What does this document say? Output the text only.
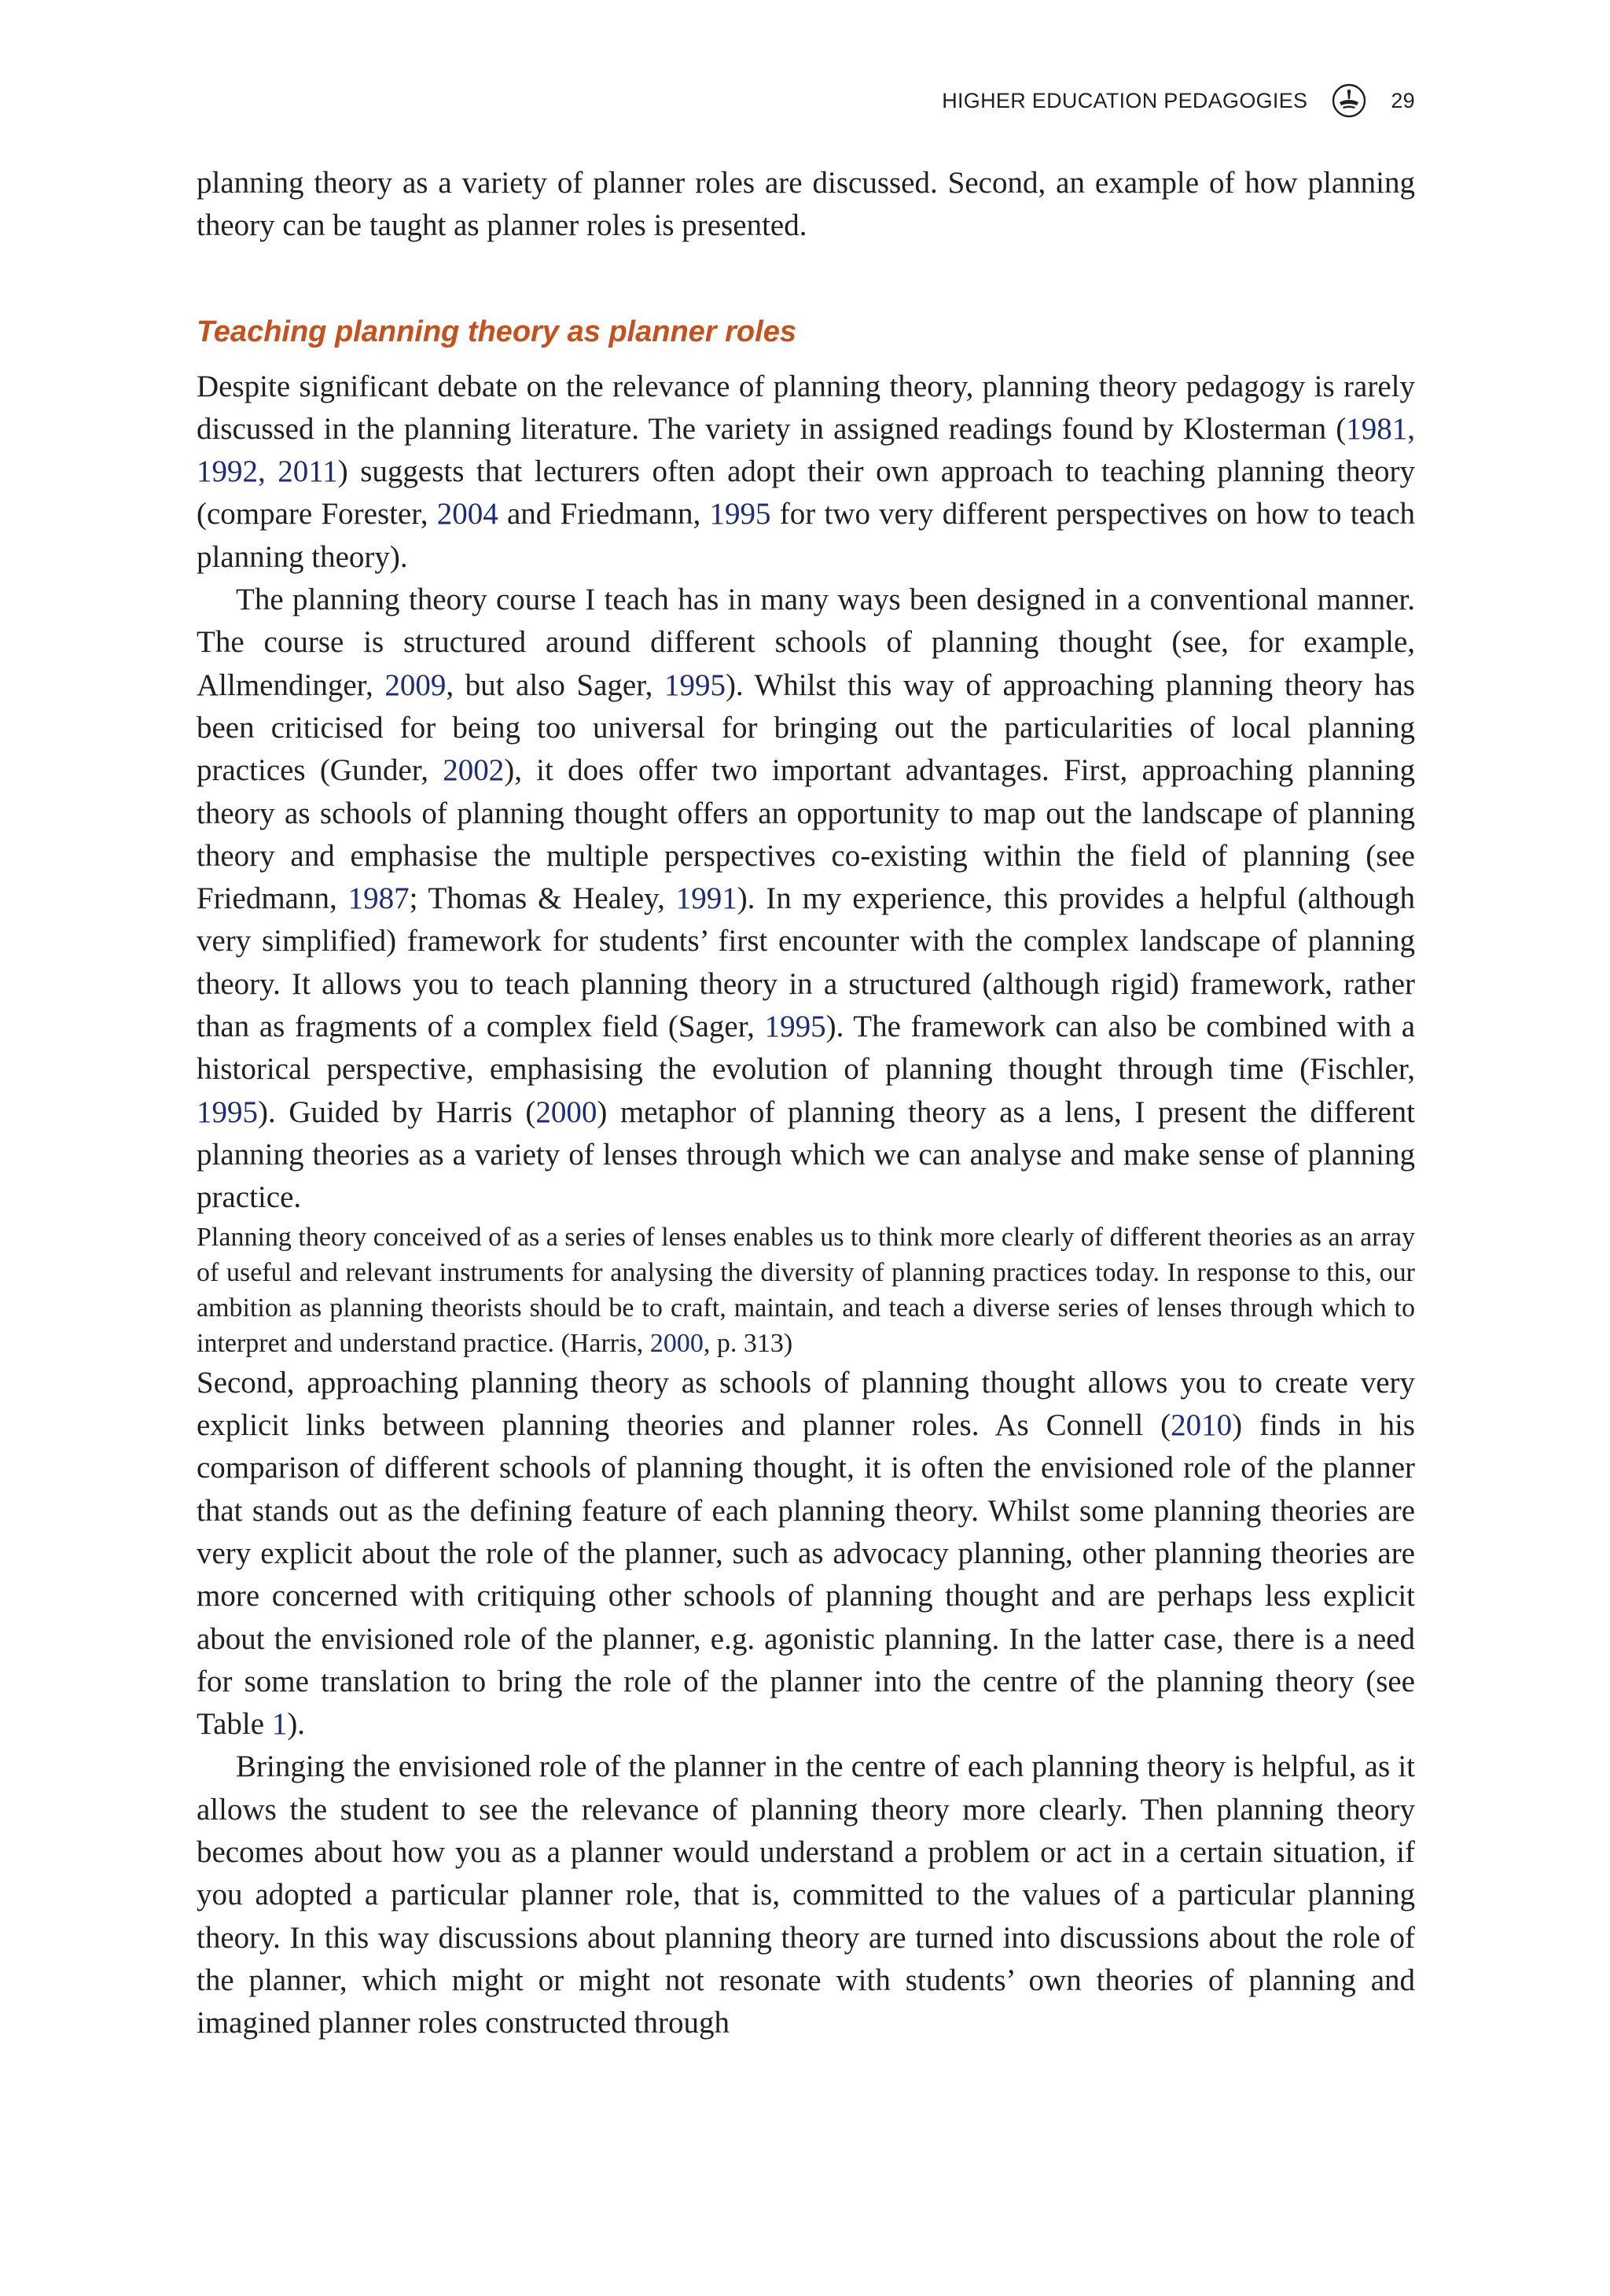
HIGHER EDUCATION PEDAGOGIES	29

planning theory as a variety of planner roles are discussed. Second, an example of how planning theory can be taught as planner roles is presented.

Teaching planning theory as planner roles

Despite significant debate on the relevance of planning theory, planning theory pedagogy is rarely discussed in the planning literature. The variety in assigned readings found by Klosterman (1981, 1992, 2011) suggests that lecturers often adopt their own approach to teaching planning theory (compare Forester, 2004 and Friedmann, 1995 for two very different perspectives on how to teach planning theory).

The planning theory course I teach has in many ways been designed in a conventional manner. The course is structured around different schools of planning thought (see, for example, Allmendinger, 2009, but also Sager, 1995). Whilst this way of approaching planning theory has been criticised for being too universal for bringing out the particularities of local planning practices (Gunder, 2002), it does offer two important advantages. First, approaching planning theory as schools of planning thought offers an opportunity to map out the landscape of planning theory and emphasise the multiple perspectives co-existing within the field of planning (see Friedmann, 1987; Thomas & Healey, 1991). In my experience, this provides a helpful (although very simplified) framework for students’ first encounter with the complex landscape of planning theory. It allows you to teach planning theory in a structured (although rigid) framework, rather than as fragments of a complex field (Sager, 1995). The framework can also be combined with a historical perspective, emphasising the evolution of planning thought through time (Fischler, 1995). Guided by Harris (2000) metaphor of planning theory as a lens, I present the different planning theories as a variety of lenses through which we can analyse and make sense of planning practice.

Planning theory conceived of as a series of lenses enables us to think more clearly of different theories as an array of useful and relevant instruments for analysing the diversity of planning practices today. In response to this, our ambition as planning theorists should be to craft, maintain, and teach a diverse series of lenses through which to interpret and understand practice. (Harris, 2000, p. 313)

Second, approaching planning theory as schools of planning thought allows you to create very explicit links between planning theories and planner roles. As Connell (2010) finds in his comparison of different schools of planning thought, it is often the envisioned role of the planner that stands out as the defining feature of each planning theory. Whilst some planning theories are very explicit about the role of the planner, such as advocacy planning, other planning theories are more concerned with critiquing other schools of planning thought and are perhaps less explicit about the envisioned role of the planner, e.g. agonistic planning. In the latter case, there is a need for some translation to bring the role of the planner into the centre of the planning theory (see Table 1).

Bringing the envisioned role of the planner in the centre of each planning theory is helpful, as it allows the student to see the relevance of planning theory more clearly. Then planning theory becomes about how you as a planner would understand a problem or act in a certain situation, if you adopted a particular planner role, that is, committed to the values of a particular planning theory. In this way discussions about planning theory are turned into discussions about the role of the planner, which might or might not resonate with students’ own theories of planning and imagined planner roles constructed through
